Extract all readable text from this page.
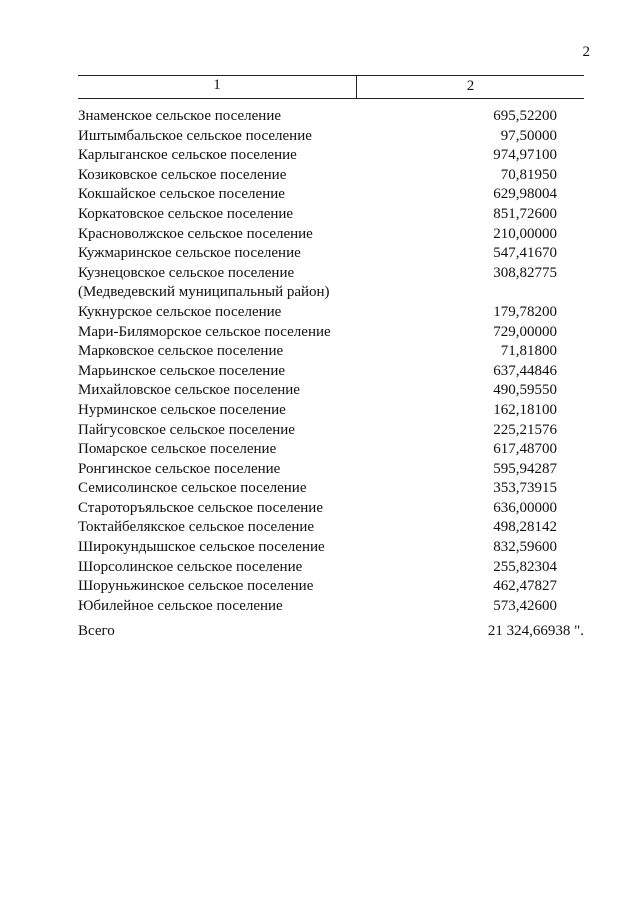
2
1	2
Знаменское сельское поселение	695,52200
Иштымбальское сельское поселение	97,50000
Карлыганское сельское поселение	974,97100
Козиковское сельское поселение	70,81950
Кокшайское сельское поселение	629,98004
Коркатовское сельское поселение	851,72600
Красноволжское сельское поселение	210,00000
Кужмаринское сельское поселение	547,41670
Кузнецовское сельское поселение	308,82775
(Медведевский муниципальный район)
Кукнурское сельское поселение	179,78200
Мари-Биляморское сельское поселение	729,00000
Марковское сельское поселение	71,81800
Марьинское сельское поселение	637,44846
Михайловское сельское поселение	490,59550
Нурминское сельское поселение	162,18100
Пайгусовское сельское поселение	225,21576
Помарское сельское поселение	617,48700
Ронгинское сельское поселение	595,94287
Семисолинское сельское поселение	353,73915
Староторъяльское сельское поселение	636,00000
Токтайбелякское сельское поселение	498,28142
Широкундышское сельское поселение	832,59600
Шорсолинское сельское поселение	255,82304
Шоруньжинское сельское поселение	462,47827
Юбилейное сельское поселение	573,42600
Всего	21 324,66938 ".
